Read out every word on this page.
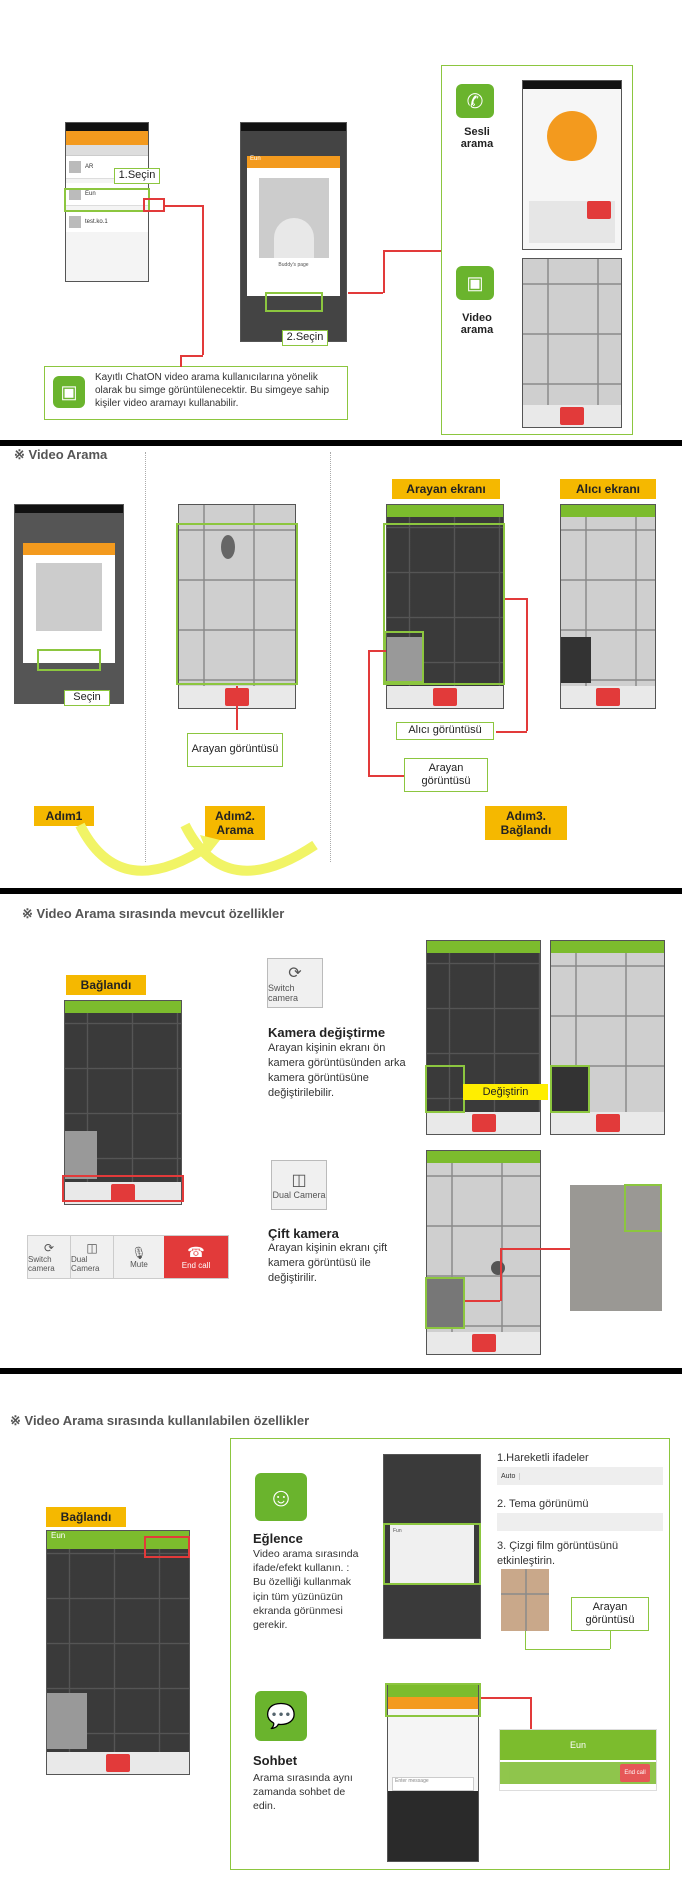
AR
Eun
test.ko.1
1.Seçin
Eun
Buddy's page
2.Seçin
▣
Kayıtlı ChatON video arama kullanıcılarına yönelik olarak bu simge görüntülenecektir. Bu simgeye sahip kişiler video aramayı kullanabilir.
✆
Sesli arama
▣
Video arama
※ Video Arama
Seçin
Arayan görüntüsü
Arayan ekranı	Alıcı ekranı
Alıcı görüntüsü
Arayan görüntüsü
Adım1	Adım2. Arama
Adım3. Bağlandı
※ Video Arama sırasında mevcut özellikler
Bağlandı
⟳
Switch camera
◫
Dual Camera
🎙
Mute
☎
End call
⟳
Switch camera
Kamera değiştirme
Arayan kişinin ekranı ön kamera görüntüsünden arka kamera görüntüsüne değiştirilebilir.	Değiştirin
◫
Dual Camera
Çift kamera
Arayan kişinin ekranı çift kamera görüntüsü ile değiştirilir.
※ Video Arama sırasında kullanılabilen özellikler
Bağlandı
Eun
☺
Eğlence
Video arama sırasında ifade/efekt kullanın. : Bu özelliği kullanmak için tüm yüzünüzün ekranda görünmesi gerekir.
Fun
1.Hareketli ifadeler
Auto
2. Tema görünümü
3. Çizgi film görüntüsünü etkinleştirin.
Arayan görüntüsü
💬
Sohbet
Arama sırasında aynı zamanda sohbet de edin.
Enter message
Eun
End call
